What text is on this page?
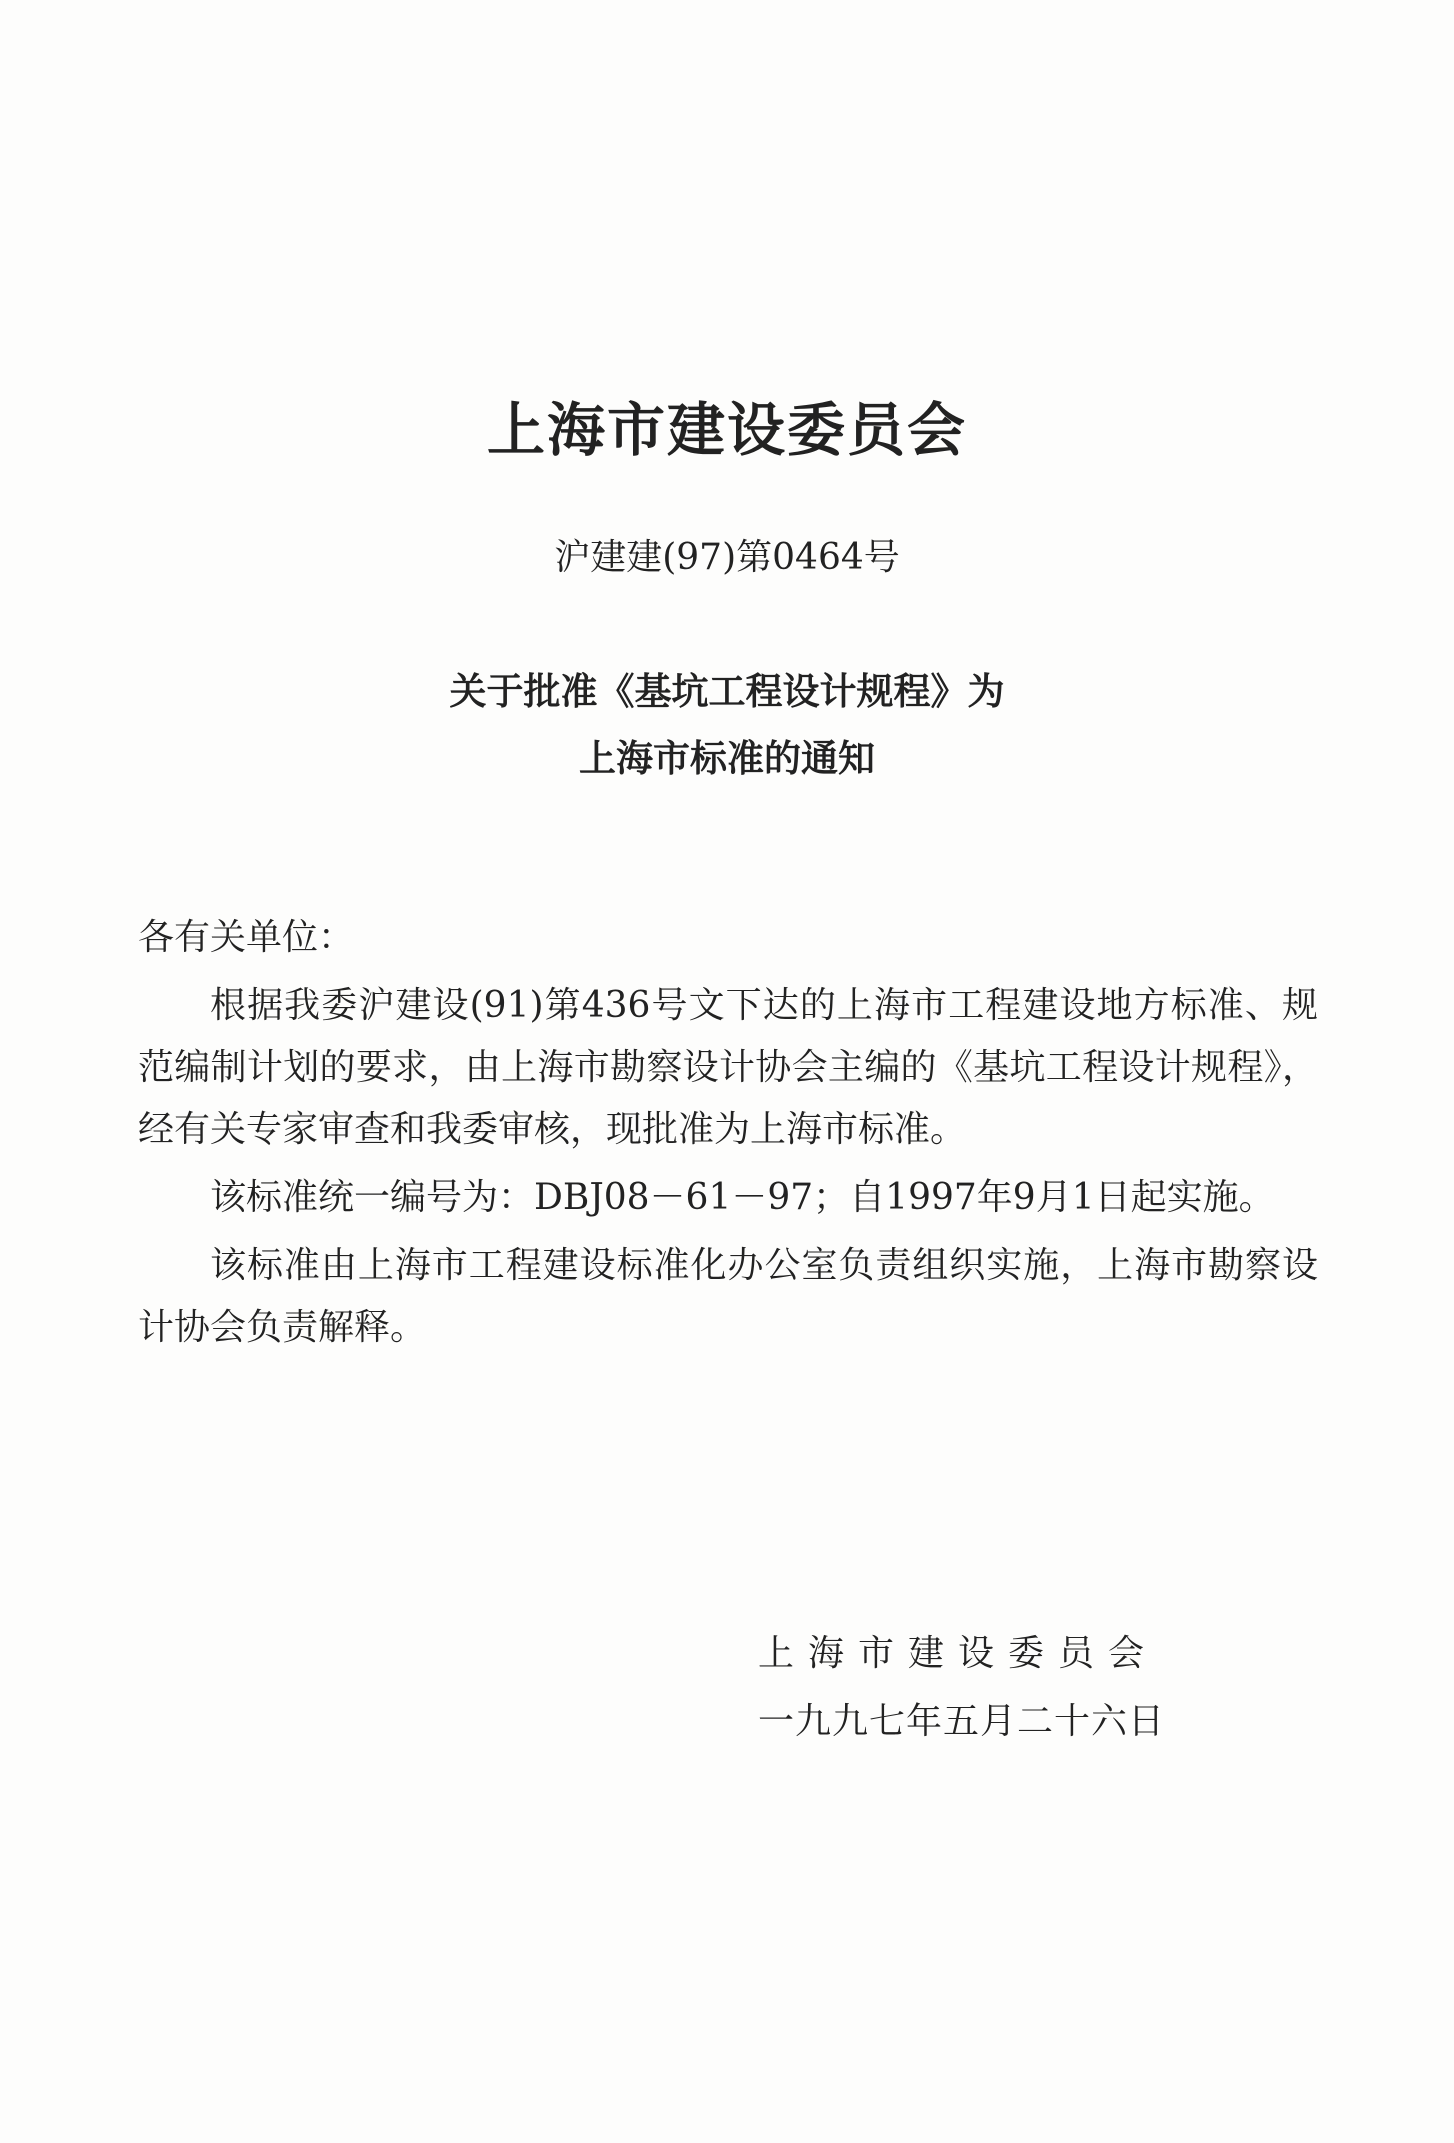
上海市建设委员会
沪建建(97)第0464号
关于批准《基坑工程设计规程》为
上海市标准的通知
各有关单位：

根据我委沪建设(91)第436号文下达的上海市工程建设地方标准、规范编制计划的要求，由上海市勘察设计协会主编的《基坑工程设计规程》，经有关专家审查和我委审核，现批准为上海市标准。

该标准统一编号为：DBJ08－61－97；自1997年9月1日起实施。

该标准由上海市工程建设标准化办公室负责组织实施，上海市勘察设计协会负责解释。

上海市建设委员会
一九九七年五月二十六日
